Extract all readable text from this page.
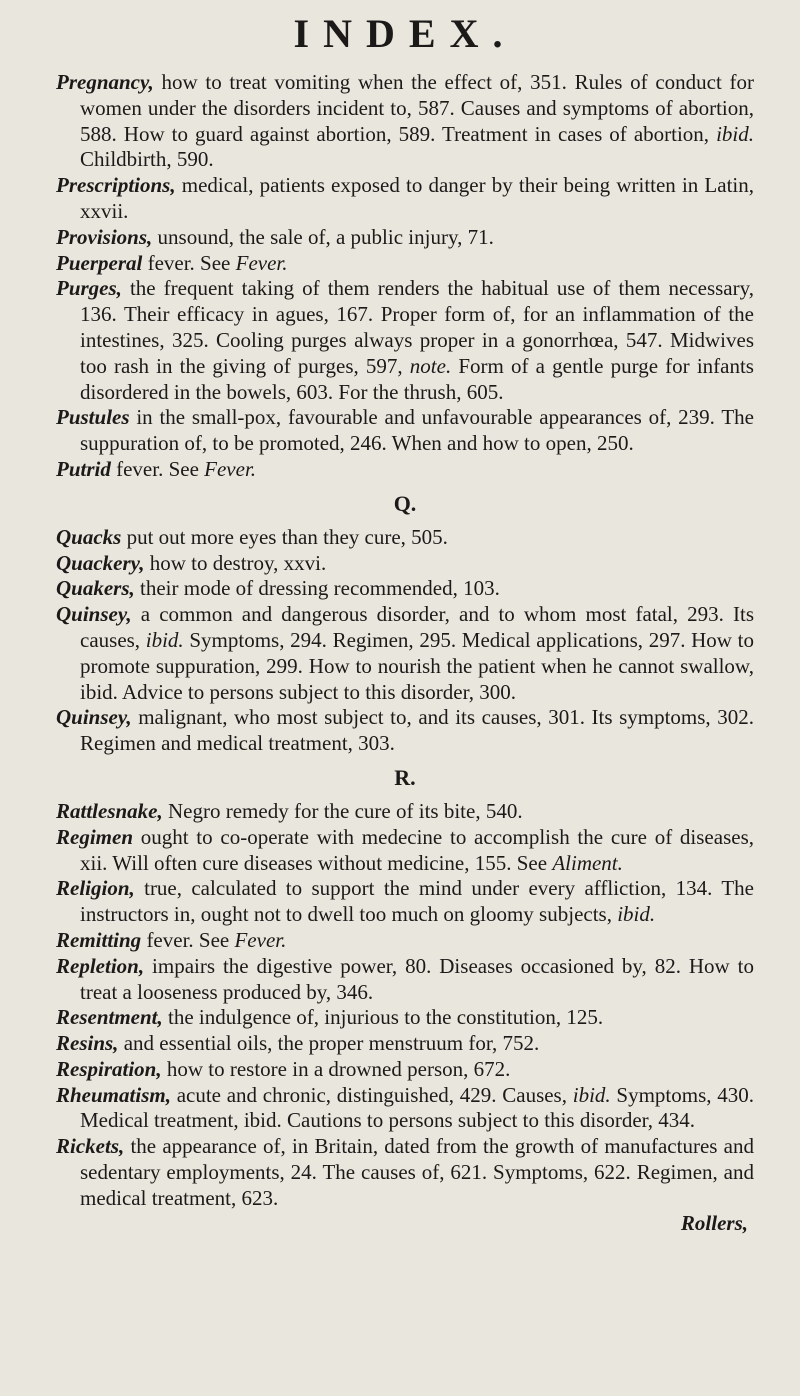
INDEX.

Pregnancy, how to treat vomiting when the effect of, 351. Rules of conduct for women under the disorders incident to, 587. Causes and symptoms of abortion, 588. How to guard against abortion, 589. Treatment in cases of abortion, ibid. Childbirth, 590.

Prescriptions, medical, patients exposed to danger by their being written in Latin, xxvii.

Provisions, unsound, the sale of, a public injury, 71.

Puerperal fever. See Fever.

Purges, the frequent taking of them renders the habitual use of them necessary, 136. Their efficacy in agues, 167. Proper form of, for an inflammation of the intestines, 325. Cooling purges always proper in a gonorrhœa, 547. Midwives too rash in the giving of purges, 597, note. Form of a gentle purge for infants disordered in the bowels, 603. For the thrush, 605.

Pustules in the small-pox, favourable and unfavourable appearances of, 239. The suppuration of, to be promoted, 246. When and how to open, 250.

Putrid fever. See Fever.

Q.

Quacks put out more eyes than they cure, 505.

Quackery, how to destroy, xxvi.

Quakers, their mode of dressing recommended, 103.

Quinsey, a common and dangerous disorder, and to whom most fatal, 293. Its causes, ibid. Symptoms, 294. Regimen, 295. Medical applications, 297. How to promote suppuration, 299. How to nourish the patient when he cannot swallow, ibid. Advice to persons subject to this disorder, 300.

Quinsey, malignant, who most subject to, and its causes, 301. Its symptoms, 302. Regimen and medical treatment, 303.

R.

Rattlesnake, Negro remedy for the cure of its bite, 540.

Regimen ought to co-operate with medecine to accomplish the cure of diseases, xii. Will often cure diseases without medicine, 155. See Aliment.

Religion, true, calculated to support the mind under every affliction, 134. The instructors in, ought not to dwell too much on gloomy subjects, ibid.

Remitting fever. See Fever.

Repletion, impairs the digestive power, 80. Diseases occasioned by, 82. How to treat a looseness produced by, 346.

Resentment, the indulgence of, injurious to the constitution, 125.

Resins, and essential oils, the proper menstruum for, 752.

Respiration, how to restore in a drowned person, 672.

Rheumatism, acute and chronic, distinguished, 429. Causes, ibid. Symptoms, 430. Medical treatment, ibid. Cautions to persons subject to this disorder, 434.

Rickets, the appearance of, in Britain, dated from the growth of manufactures and sedentary employments, 24. The causes of, 621. Symptoms, 622. Regimen, and medical treatment, 623.

Rollers,
